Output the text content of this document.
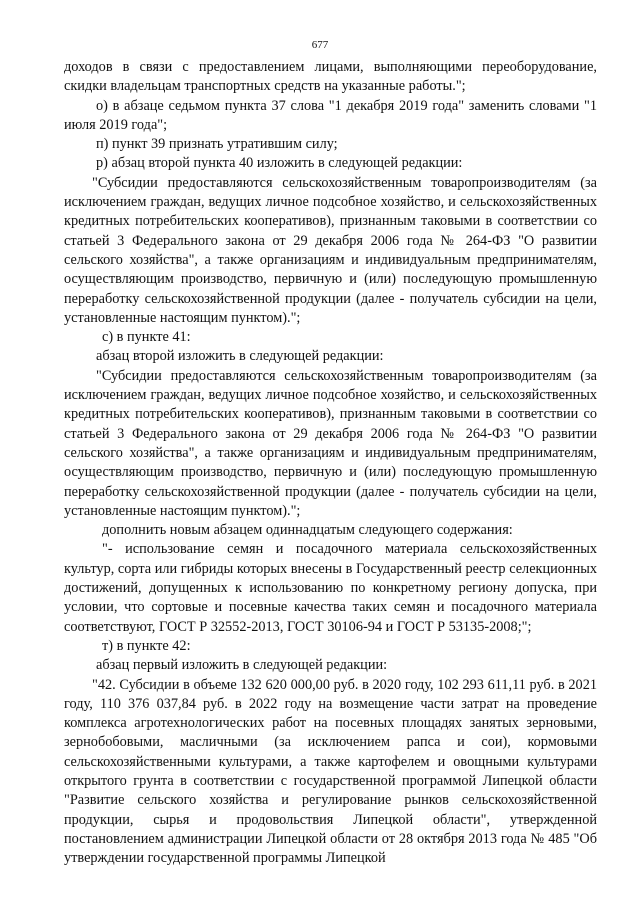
677

доходов в связи с предоставлением лицами, выполняющими переоборудование, скидки владельцам транспортных средств на указанные работы.";

о) в абзаце седьмом пункта 37 слова "1 декабря 2019 года" заменить словами "1 июля 2019 года";

п) пункт 39 признать утратившим силу;

р) абзац второй пункта 40 изложить в следующей редакции:

"Субсидии предоставляются сельскохозяйственным товаропроизводителям (за исключением граждан, ведущих личное подсобное хозяйство, и сельскохозяйственных кредитных потребительских кооперативов), признанным таковыми в соответствии со статьей 3 Федерального закона от 29 декабря 2006 года № 264-ФЗ "О развитии сельского хозяйства", а также организациям и индивидуальным предпринимателям, осуществляющим производство, первичную и (или) последующую промышленную переработку сельскохозяйственной продукции (далее - получатель субсидии на цели, установленные настоящим пунктом).";

с) в пункте 41:

абзац второй изложить в следующей редакции:

"Субсидии предоставляются сельскохозяйственным товаропроизводителям (за исключением граждан, ведущих личное подсобное хозяйство, и сельскохозяйственных кредитных потребительских кооперативов), признанным таковыми в соответствии со статьей 3 Федерального закона от 29 декабря 2006 года № 264-ФЗ "О развитии сельского хозяйства", а также организациям и индивидуальным предпринимателям, осуществляющим производство, первичную и (или) последующую промышленную переработку сельскохозяйственной продукции (далее - получатель субсидии на цели, установленные настоящим пунктом).";

дополнить новым абзацем одиннадцатым следующего содержания:

"- использование семян и посадочного материала сельскохозяйственных культур, сорта или гибриды которых внесены в Государственный реестр селекционных достижений, допущенных к использованию по конкретному региону допуска, при условии, что сортовые и посевные качества таких семян и посадочного материала соответствуют, ГОСТ Р 32552-2013, ГОСТ 30106-94 и ГОСТ Р 53135-2008;";

т) в пункте 42:

абзац первый изложить в следующей редакции:

"42. Субсидии в объеме 132 620 000,00 руб. в 2020 году, 102 293 611,11 руб. в 2021 году, 110 376 037,84 руб. в 2022 году на возмещение части затрат на проведение комплекса агротехнологических работ на посевных площадях занятых зерновыми, зернобобовыми, масличными (за исключением рапса и сои), кормовыми сельскохозяйственными культурами, а также картофелем и овощными культурами открытого грунта в соответствии с государственной программой Липецкой области "Развитие сельского хозяйства и регулирование рынков сельскохозяйственной продукции, сырья и продовольствия Липецкой области", утвержденной постановлением администрации Липецкой области от 28 октября 2013 года № 485 "Об утверждении государственной программы Липецкой
